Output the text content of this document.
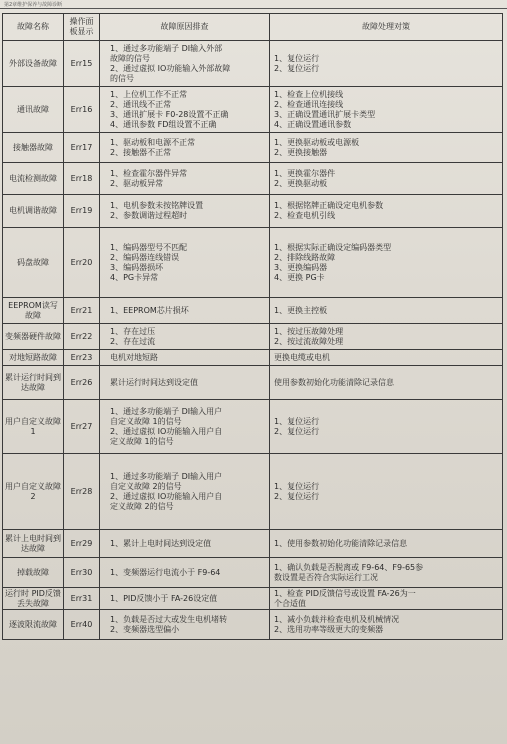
第2章维护保养与故障诊断
故障名称	操作面板显示	故障原因排查	故障处理对策
外部设备故障	Err15	1、通过多功能端子 DI输入外部
故障的信号
2、通过虚拟 IO功能输入外部故障
的信号	1、复位运行
2、复位运行

通讯故障	Err16	1、上位机工作不正常
2、通讯线不正常
3、通讯扩展卡 F0-28设置不正确
4、通讯参数 FD组设置不正确	1、检查上位机接线
2、检查通讯连接线
3、正确设置通讯扩展卡类型
4、正确设置通讯参数

接触器故障	Err17	1、驱动板和电源不正常
2、接触器不正常	1、更换驱动板或电源板
2、更换接触器

电流检测故障	Err18	1、检查霍尔器件异常
2、驱动板异常	1、更换霍尔器件
2、更换驱动板

电机调谐故障	Err19	1、电机参数未按铭牌设置
2、参数调谐过程超时	1、根据铭牌正确设定电机参数
2、检查电机引线

码盘故障	Err20	1、编码器型号不匹配
2、编码器连线错误
3、编码器损坏
4、PG卡异常	1、根据实际正确设定编码器类型
2、排除线路故障
3、更换编码器
4、更换 PG卡

EEPROM读写故障	Err21	1、EEPROM芯片损坏	1、更换主控板

变频器硬件故障	Err22	1、存在过压
2、存在过流	1、按过压故障处理
2、按过流故障处理

对地短路故障	Err23	电机对地短路	更换电缆或电机

累计运行时间到达故障	Err26	累计运行时间达到设定值	使用参数初始化功能清除记录信息

用户自定义故障 1	Err27	1、通过多功能端子 DI输入用户
自定义故障 1的信号
2、通过虚拟 IO功能输入用户自
定义故障 1的信号	1、复位运行
2、复位运行

用户自定义故障 2	Err28	1、通过多功能端子 DI输入用户
自定义故障 2的信号
2、通过虚拟 IO功能输入用户自
定义故障 2的信号	1、复位运行
2、复位运行

累计上电时间到达故障	Err29	1、累计上电时间达到设定值	1、使用参数初始化功能清除记录信息

掉载故障	Err30	1、变频器运行电流小于 F9-64	1、确认负载是否脱离或 F9-64、F9-65参
数设置是否符合实际运行工况

运行时 PID反馈丢失故障	Err31	1、PID反馈小于 FA-26设定值	1、检查 PID反馈信号或设置 FA-26为一
个合适值

逐波限流故障	Err40	1、负载是否过大或发生电机堵转
2、变频器选型偏小	1、减小负载并检查电机及机械情况
2、选用功率等级更大的变频器
